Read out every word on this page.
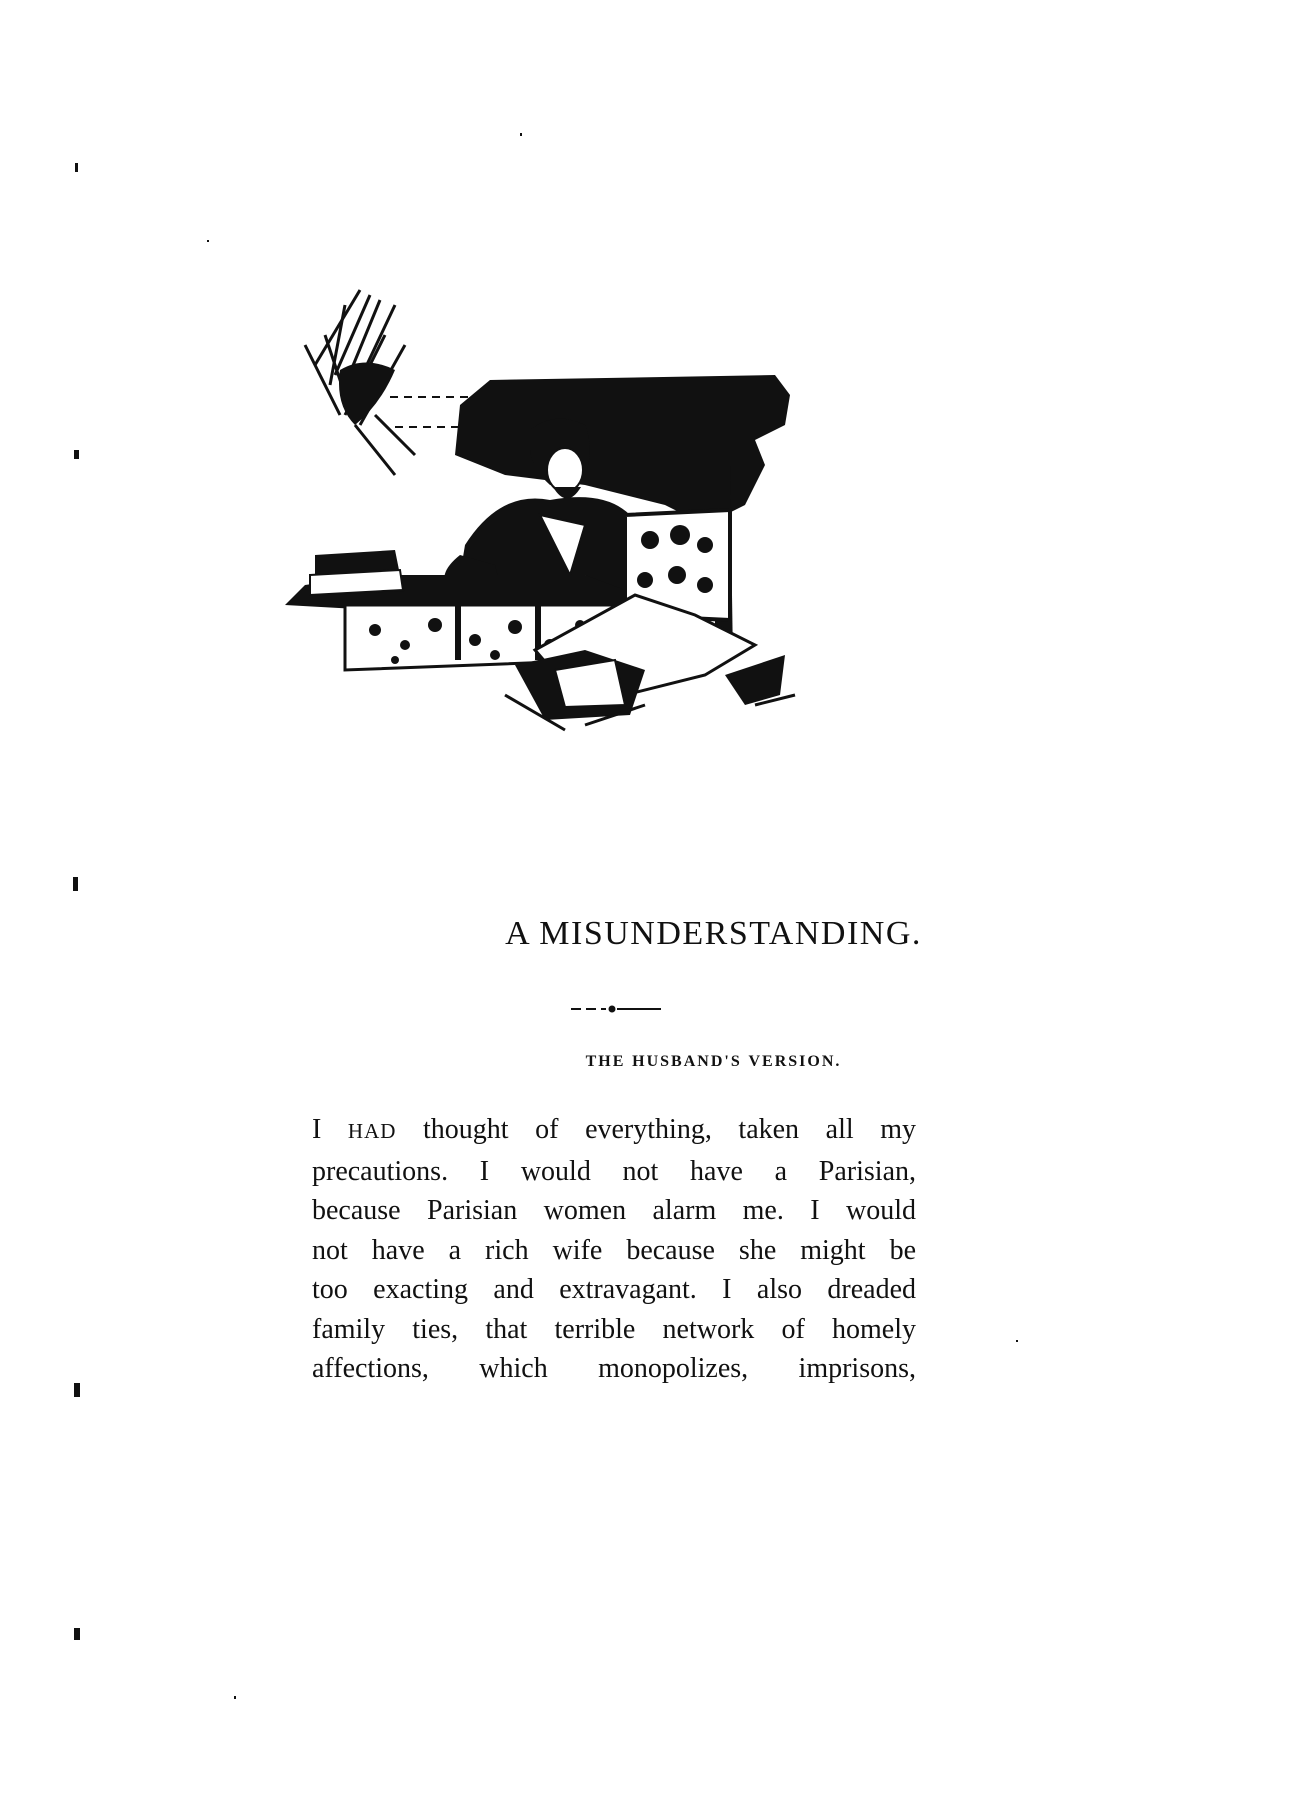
A MISUNDERSTANDING.
THE HUSBAND'S VERSION.
I HAD thought of everything, taken all my
precautions. I would not have a Parisian,
because Parisian women alarm me. I would
not have a rich wife because she might be
too exacting and extravagant. I also dreaded
family ties, that terrible network of homely
affections, which monopolizes, imprisons,
